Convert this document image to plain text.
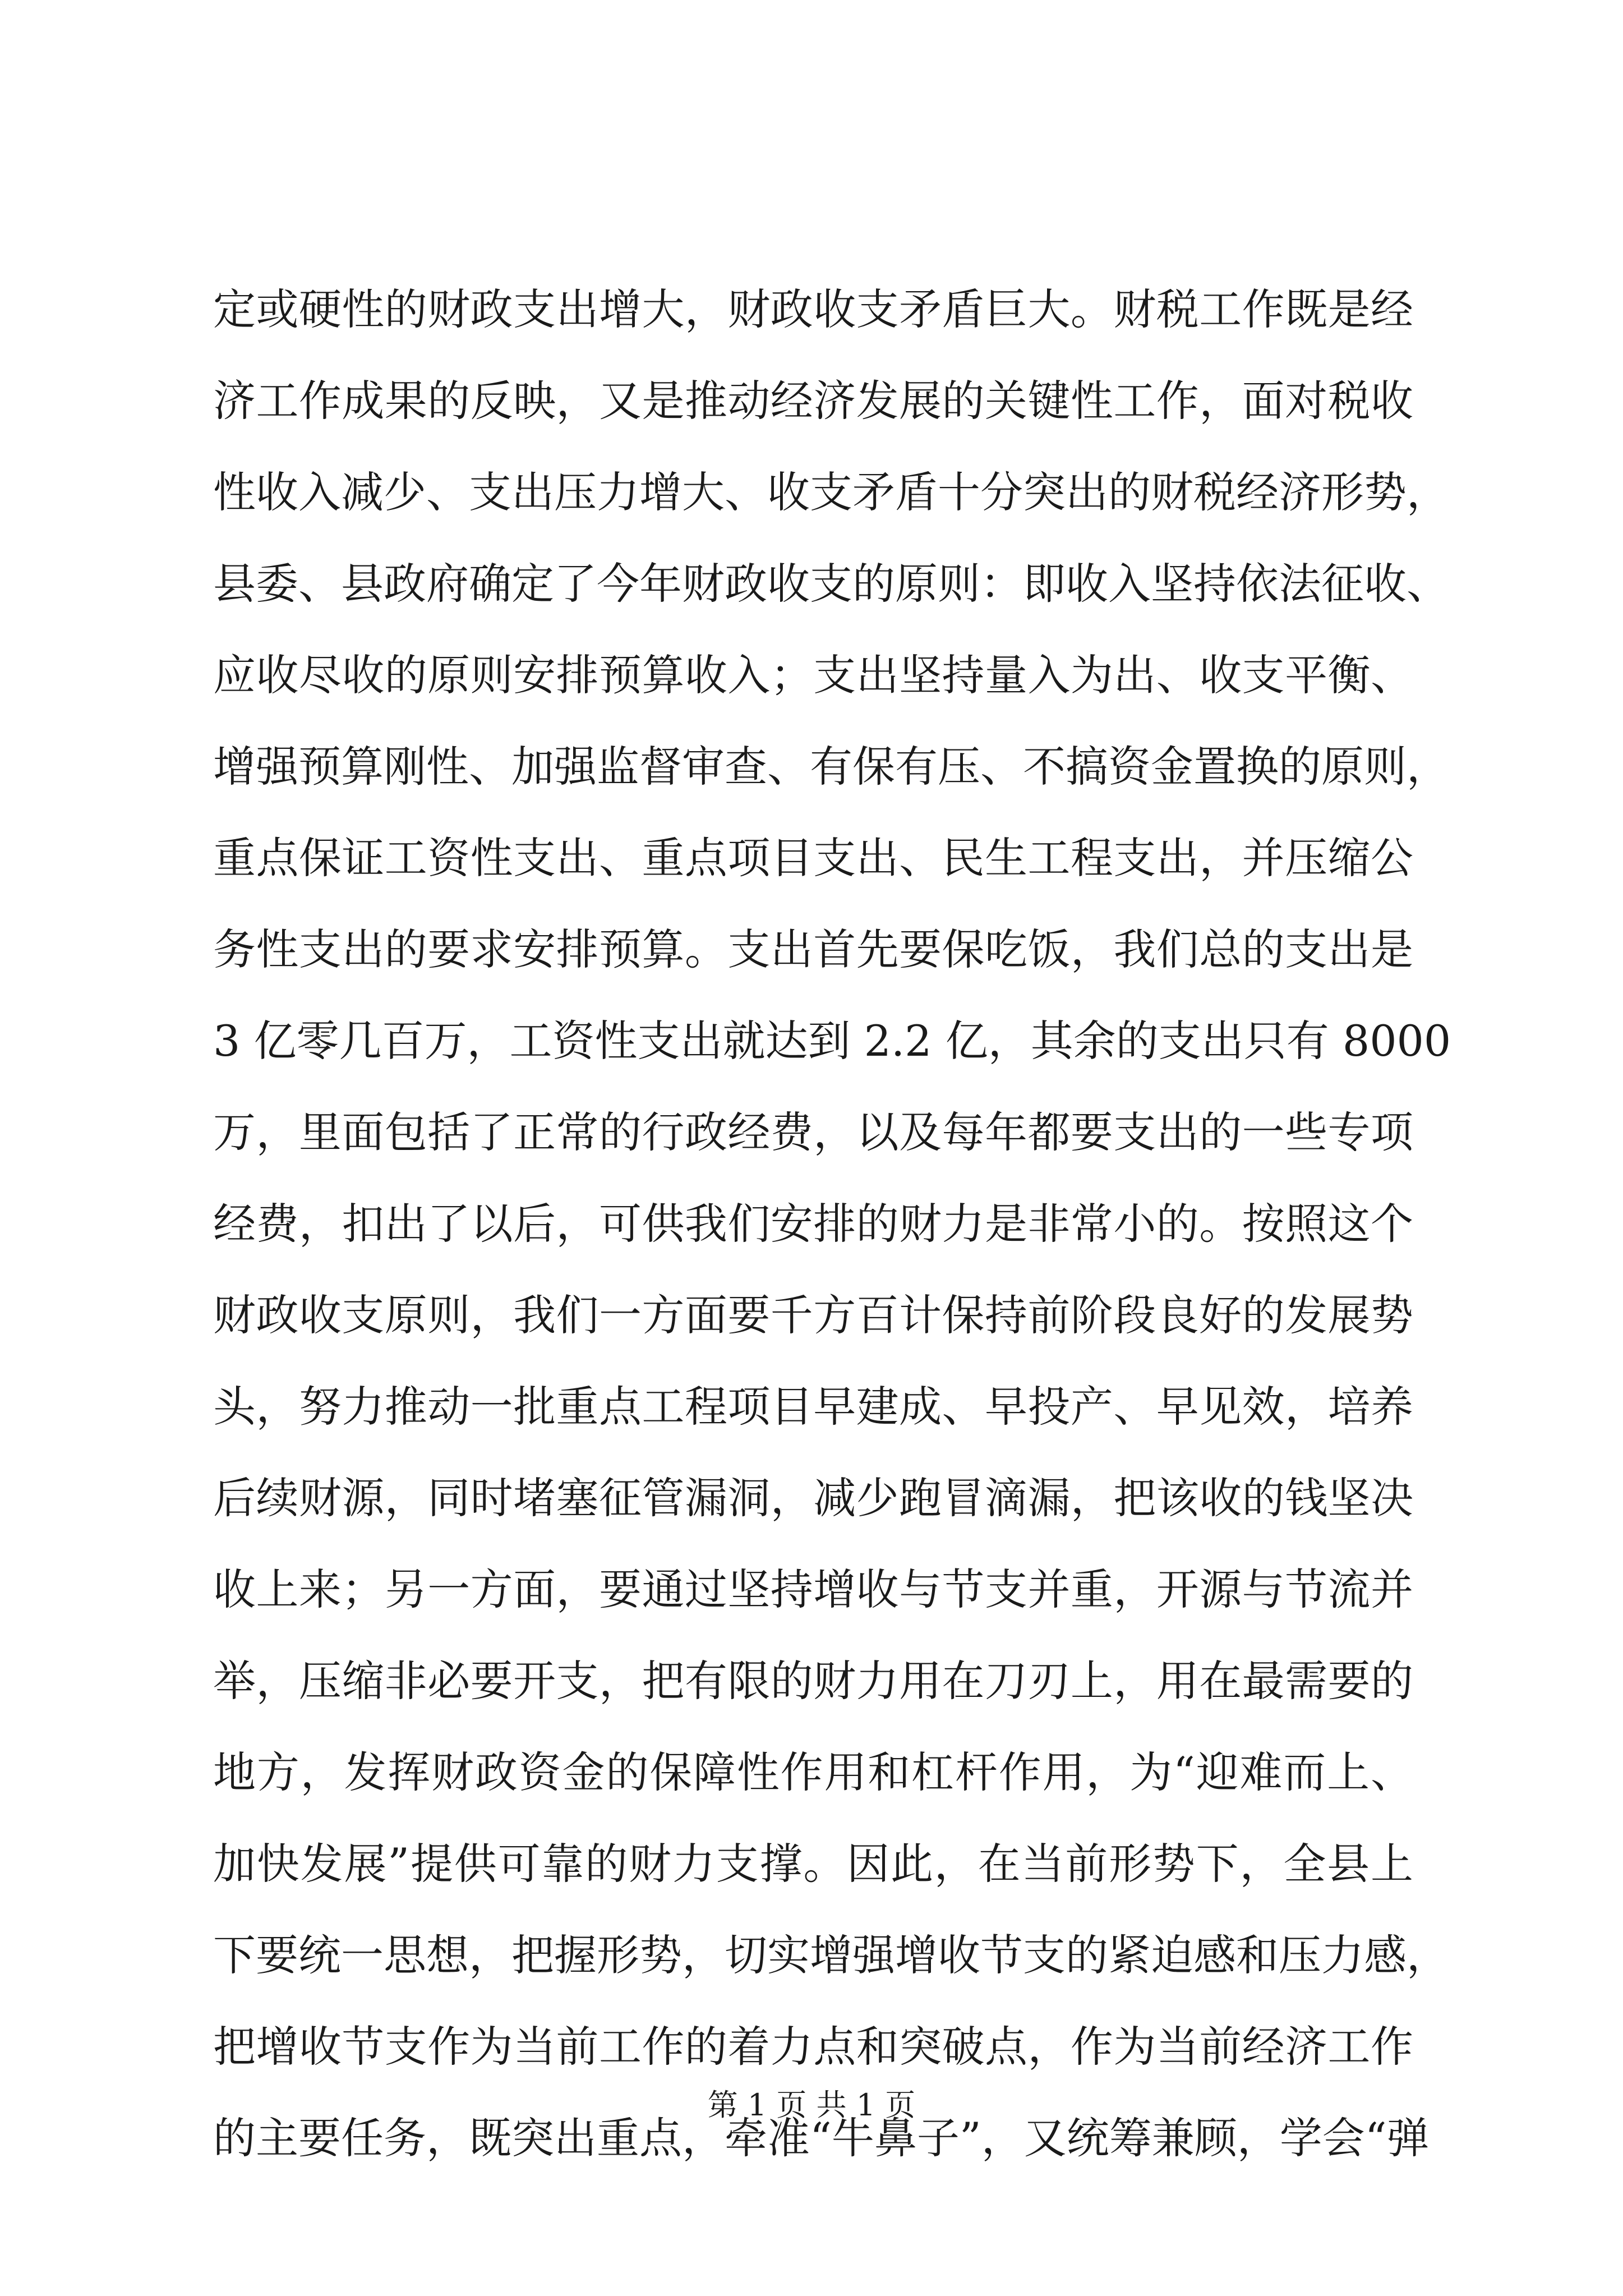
定或硬性的财政支出增大，财政收支矛盾巨大。财税工作既是经
济工作成果的反映，又是推动经济发展的关键性工作，面对税收
性收入减少、支出压力增大、收支矛盾十分突出的财税经济形势，
县委、县政府确定了今年财政收支的原则：即收入坚持依法征收、
应收尽收的原则安排预算收入；支出坚持量入为出、收支平衡、
增强预算刚性、加强监督审查、有保有压、不搞资金置换的原则，
重点保证工资性支出、重点项目支出、民生工程支出，并压缩公
务性支出的要求安排预算。支出首先要保吃饭，我们总的支出是
3 亿零几百万，工资性支出就达到 2.2 亿，其余的支出只有 8000
万，里面包括了正常的行政经费，以及每年都要支出的一些专项
经费，扣出了以后，可供我们安排的财力是非常小的。按照这个
财政收支原则，我们一方面要千方百计保持前阶段良好的发展势
头，努力推动一批重点工程项目早建成、早投产、早见效，培养
后续财源，同时堵塞征管漏洞，减少跑冒滴漏，把该收的钱坚决
收上来；另一方面，要通过坚持增收与节支并重，开源与节流并
举，压缩非必要开支，把有限的财力用在刀刃上，用在最需要的
地方，发挥财政资金的保障性作用和杠杆作用，为“迎难而上、
加快发展”提供可靠的财力支撑。因此，在当前形势下，全县上
下要统一思想，把握形势，切实增强增收节支的紧迫感和压力感，
把增收节支作为当前工作的着力点和突破点，作为当前经济工作
的主要任务，既突出重点，牵准“牛鼻子”，又统筹兼顾，学会“弹
第 1 页 共 1 页
